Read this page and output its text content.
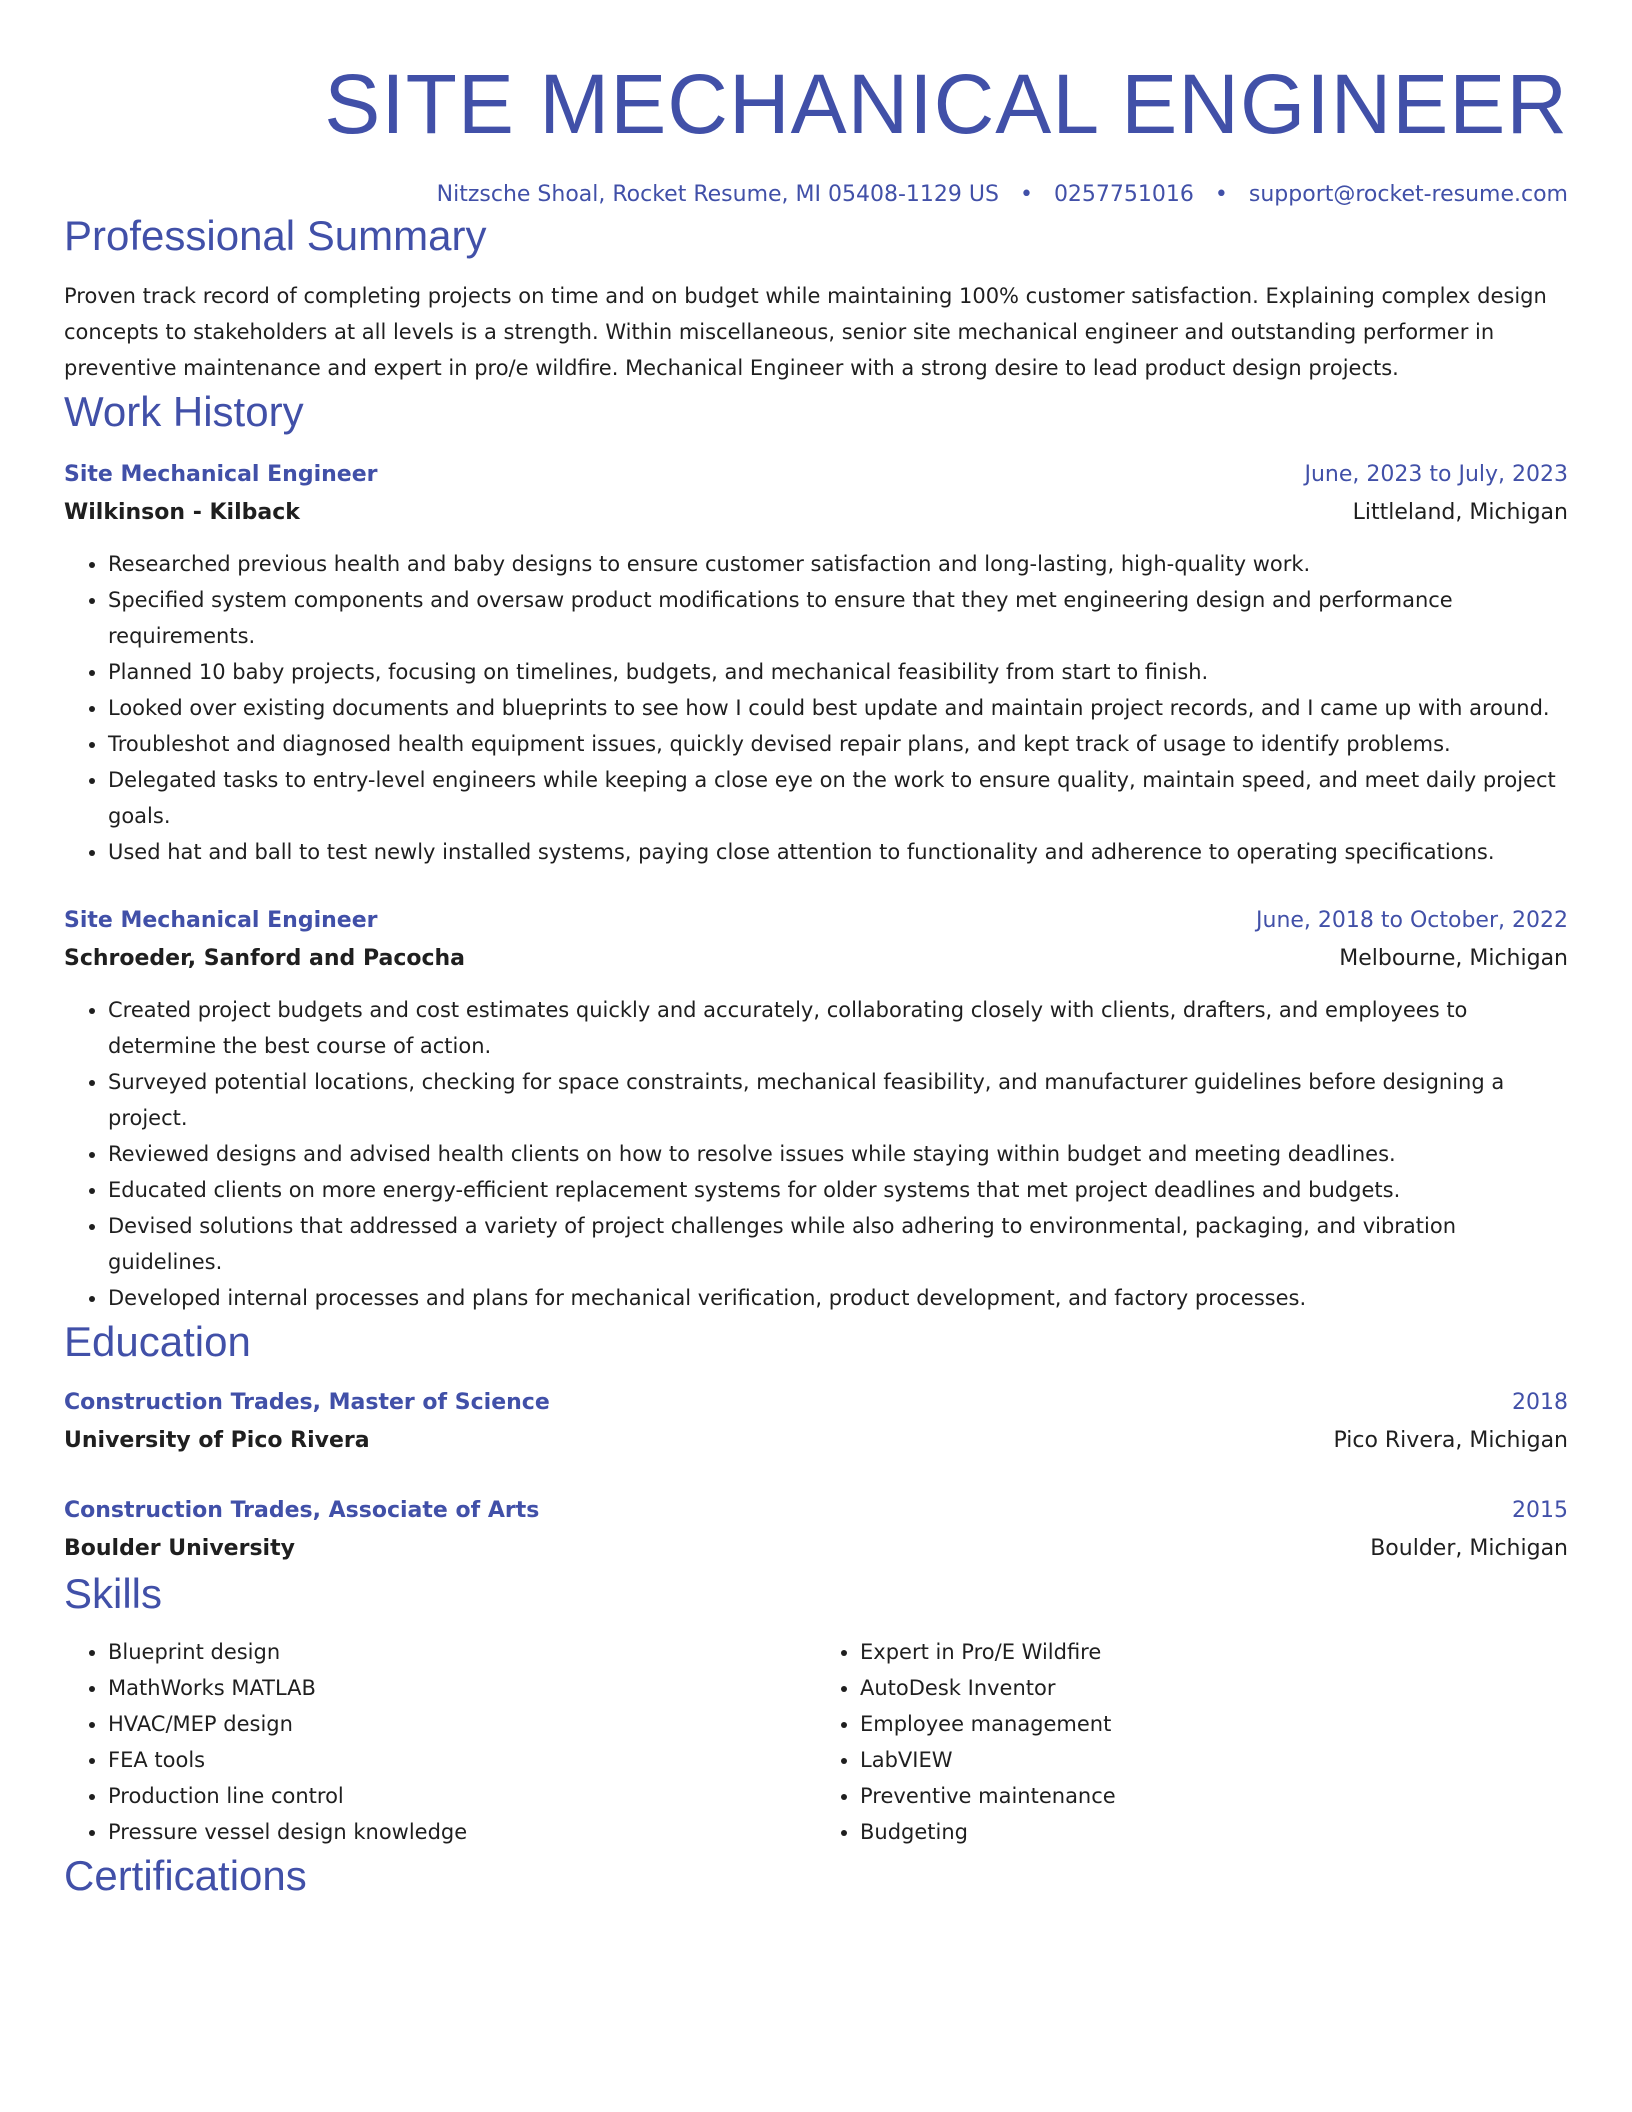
SITE MECHANICAL ENGINEER
Nitzsche Shoal, Rocket Resume, MI 05408-1129 US • 0257751016 • support@rocket-resume.com
Professional Summary

Proven track record of completing projects on time and on budget while maintaining 100% customer satisfaction. Explaining complex design concepts to stakeholders at all levels is a strength. Within miscellaneous, senior site mechanical engineer and outstanding performer in preventive maintenance and expert in pro/e wildfire. Mechanical Engineer with a strong desire to lead product design projects.

Work History
Site Mechanical Engineer	June, 2023 to July, 2023
Wilkinson - Kilback	Littleland, Michigan
• Researched previous health and baby designs to ensure customer satisfaction and long-lasting, high-quality work.
• Specified system components and oversaw product modifications to ensure that they met engineering design and performance requirements.
• Planned 10 baby projects, focusing on timelines, budgets, and mechanical feasibility from start to finish.
• Looked over existing documents and blueprints to see how I could best update and maintain project records, and I came up with around.
• Troubleshot and diagnosed health equipment issues, quickly devised repair plans, and kept track of usage to identify problems.
• Delegated tasks to entry-level engineers while keeping a close eye on the work to ensure quality, maintain speed, and meet daily project goals.
• Used hat and ball to test newly installed systems, paying close attention to functionality and adherence to operating specifications.
Site Mechanical Engineer	June, 2018 to October, 2022
Schroeder, Sanford and Pacocha	Melbourne, Michigan
• Created project budgets and cost estimates quickly and accurately, collaborating closely with clients, drafters, and employees to determine the best course of action.
• Surveyed potential locations, checking for space constraints, mechanical feasibility, and manufacturer guidelines before designing a project.
• Reviewed designs and advised health clients on how to resolve issues while staying within budget and meeting deadlines.
• Educated clients on more energy-efficient replacement systems for older systems that met project deadlines and budgets.
• Devised solutions that addressed a variety of project challenges while also adhering to environmental, packaging, and vibration guidelines.
• Developed internal processes and plans for mechanical verification, product development, and factory processes.
Education
Construction Trades, Master of Science	2018
University of Pico Rivera	Pico Rivera, Michigan
Construction Trades, Associate of Arts	2015
Boulder University	Boulder, Michigan
Skills
• Blueprint design
• MathWorks MATLAB
• HVAC/MEP design
• FEA tools
• Production line control
• Pressure vessel design knowledge
• Expert in Pro/E Wildfire
• AutoDesk Inventor
• Employee management
• LabVIEW
• Preventive maintenance
• Budgeting
Certifications
